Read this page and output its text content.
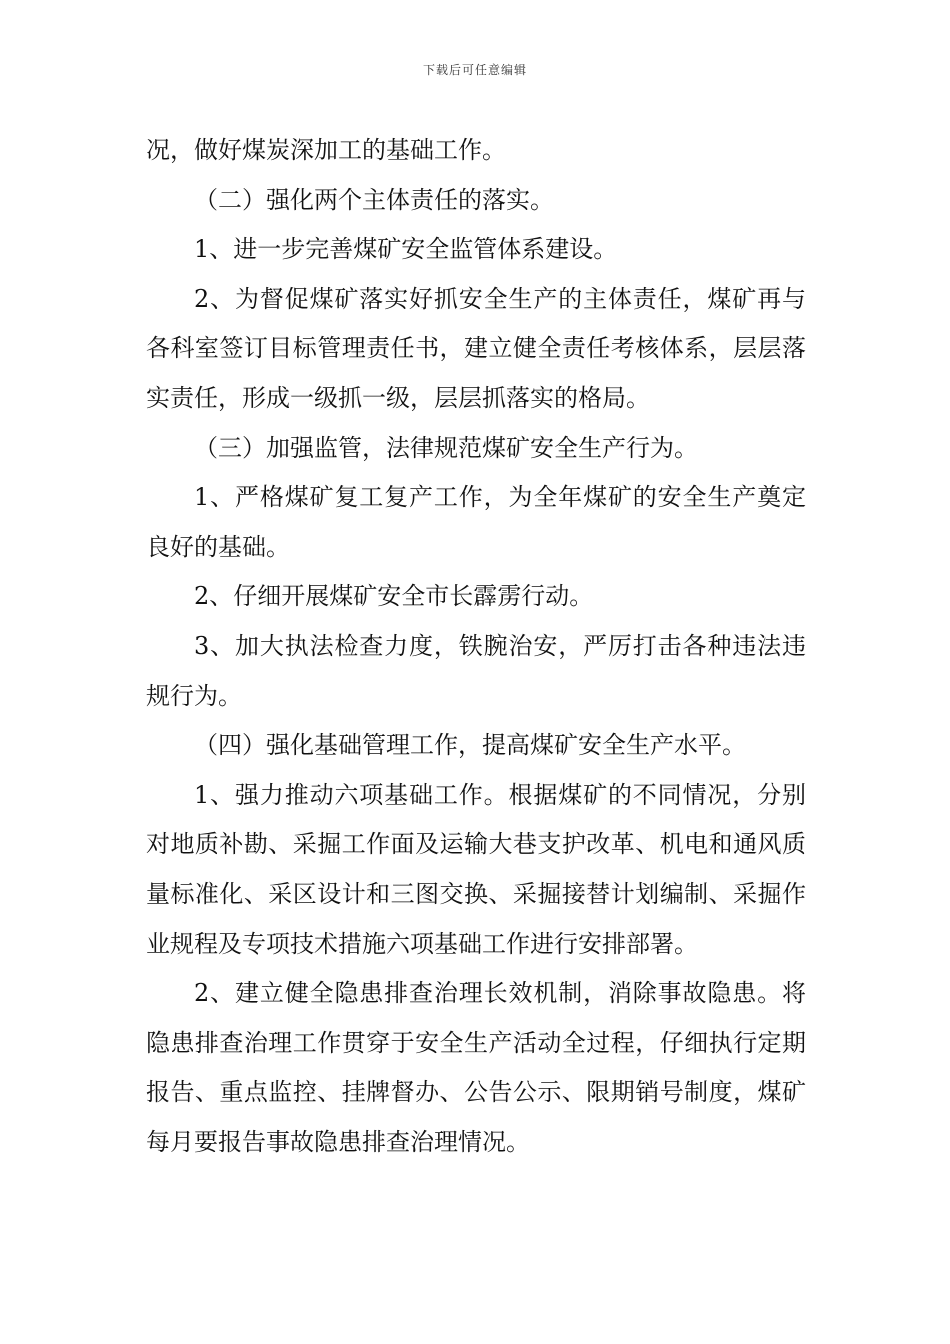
下载后可任意编辑

况，做好煤炭深加工的基础工作。

（二）强化两个主体责任的落实。

1、进一步完善煤矿安全监管体系建设。

2、为督促煤矿落实好抓安全生产的主体责任，煤矿再与各科室签订目标管理责任书，建立健全责任考核体系，层层落实责任，形成一级抓一级，层层抓落实的格局。

（三）加强监管，法律规范煤矿安全生产行为。

1、严格煤矿复工复产工作，为全年煤矿的安全生产奠定良好的基础。

2、仔细开展煤矿安全市长霹雳行动。

3、加大执法检查力度，铁腕治安，严厉打击各种违法违规行为。

（四）强化基础管理工作，提高煤矿安全生产水平。

1、强力推动六项基础工作。根据煤矿的不同情况，分别对地质补勘、采掘工作面及运输大巷支护改革、机电和通风质量标准化、采区设计和三图交换、采掘接替计划编制、采掘作业规程及专项技术措施六项基础工作进行安排部署。

2、建立健全隐患排查治理长效机制，消除事故隐患。将隐患排查治理工作贯穿于安全生产活动全过程，仔细执行定期报告、重点监控、挂牌督办、公告公示、限期销号制度，煤矿每月要报告事故隐患排查治理情况。
